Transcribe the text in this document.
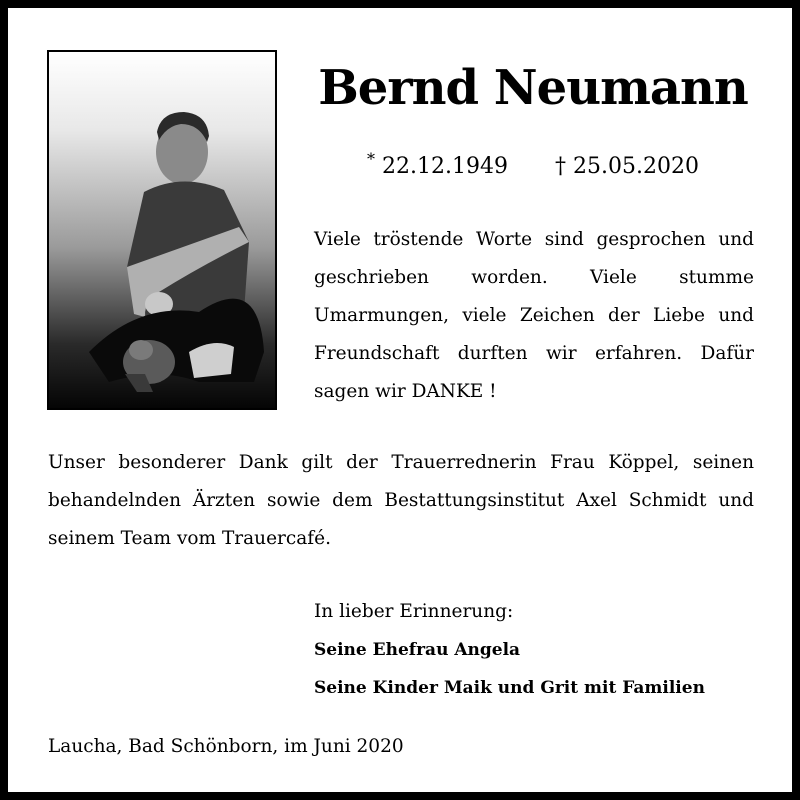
Bernd Neumann
* 22.12.1949 † 25.05.2020
Viele tröstende Worte sind gesprochen und geschrieben worden. Viele stumme Umarmungen, viele Zeichen der Liebe und Freundschaft durften wir erfahren. Dafür sagen wir DANKE !
Unser besonderer Dank gilt der Trauerrednerin Frau Köppel, seinen behandelnden Ärzten sowie dem Bestattungsinstitut Axel Schmidt und seinem Team vom Trauercafé.
In lieber Erinnerung:
Seine Ehefrau Angela
Seine Kinder Maik und Grit mit Familien
Laucha, Bad Schönborn, im Juni 2020
